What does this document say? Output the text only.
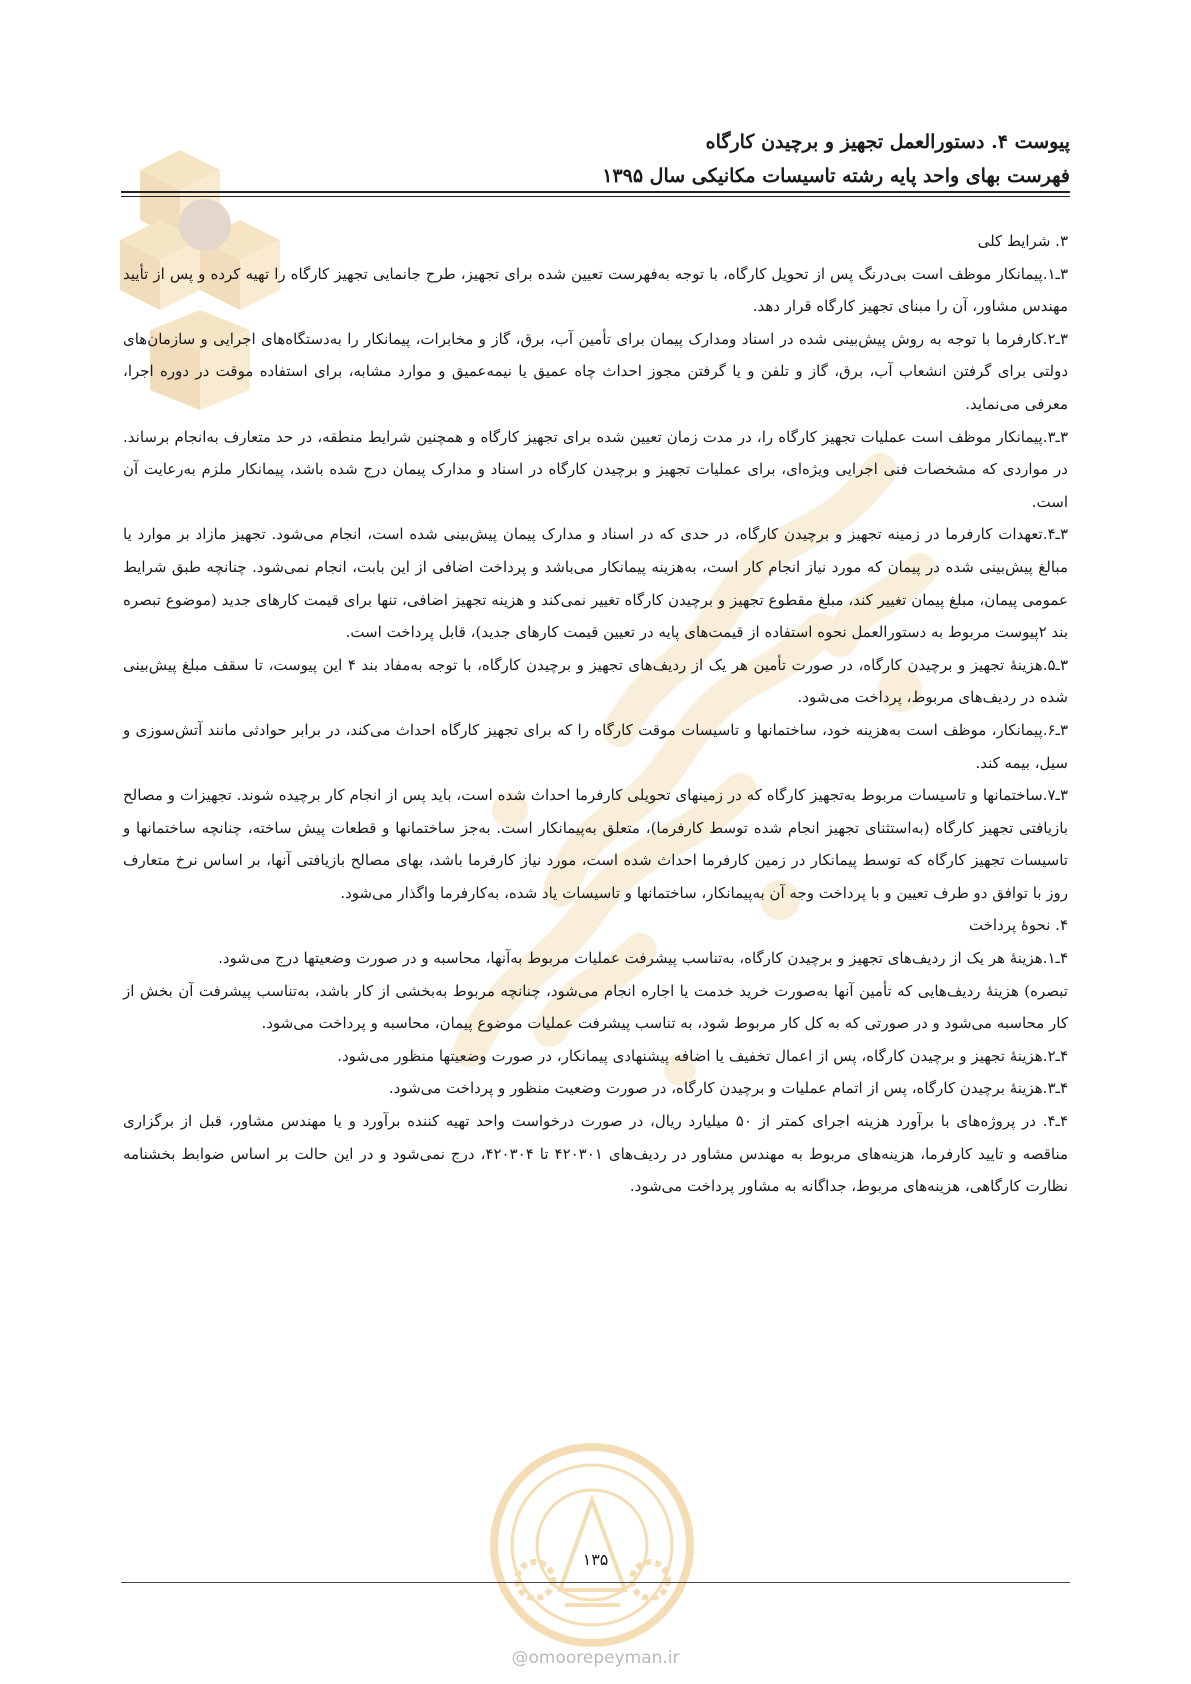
پیوست ۴. دستورالعمل تجهیز و برچیدن کارگاه

فهرست بهای واحد پایه رشته تاسیسات مکانیکی سال ۱۳۹۵

۳. شرایط کلی

۳ـ۱.پیمانکار موظف است بی‌درنگ پس از تحویل کارگاه، با توجه به‌فهرست تعیین شده برای تجهیز، طرح جانمایی تجهیز کارگاه را تهیه کرده و پس از تأیید مهندس مشاور، آن را مبنای تجهیز کارگاه قرار دهد.

۳ـ۲.کارفرما با توجه به روش پیش‌بینی شده در اسناد ومدارک پیمان برای تأمین آب، برق، گاز و مخابرات، پیمانکار را به‌دستگاه‌های اجرایی و سازمان‌های دولتی برای گرفتن انشعاب آب، برق، گاز و تلفن و یا گرفتن مجوز احداث چاه عمیق یا نیمه‌عمیق و موارد مشابه، برای استفاده موقت در دوره اجرا، معرفی می‌نماید.

۳ـ۳.پیمانکار موظف است عملیات تجهیز کارگاه را، در مدت زمان تعیین شده برای تجهیز کارگاه و همچنین شرایط منطقه، در حد متعارف به‌انجام برساند. در مواردی که مشخصات فنی اجرایی ویژه‌ای، برای عملیات تجهیز و برچیدن کارگاه در اسناد و مدارک پیمان درج شده باشد، پیمانکار ملزم به‌رعایت آن است.

۳ـ۴.تعهدات کارفرما در زمینه تجهیز و برچیدن کارگاه، در حدی که در اسناد و مدارک پیمان پیش‌بینی شده است، انجام می‌شود. تجهیز مازاد بر موارد یا مبالغ پیش‌بینی شده در پیمان که مورد نیاز انجام کار است، به‌هزینه پیمانکار می‌باشد و پرداخت اضافی از این بابت، انجام نمی‌شود. چنانچه طبق شرایط عمومی پیمان، مبلغ پیمان تغییر کند، مبلغ مقطوع تجهیز و برچیدن کارگاه تغییر نمی‌کند و هزینه تجهیز اضافی، تنها برای قیمت کارهای جدید (موضوع تبصره بند ۲پیوست مربوط به دستورالعمل نحوه استفاده از قیمت‌های پایه در تعیین قیمت کارهای جدید)، قابل پرداخت است.

۳ـ۵.هزینهٔ تجهیز و برچیدن کارگاه، در صورت تأمین هر یک از ردیف‌های تجهیز و برچیدن کارگاه، با توجه به‌مفاد بند ۴ این پیوست، تا سقف مبلغ پیش‌بینی شده در ردیف‌های مربوط، پرداخت می‌شود.

۳ـ۶.پیمانکار، موظف است به‌هزینه خود، ساختمانها و تاسیسات موقت کارگاه را که برای تجهیز کارگاه احداث می‌کند، در برابر حوادثی مانند آتش‌سوزی و سیل، بیمه کند.

۳ـ۷.ساختمانها و تاسیسات مربوط به‌تجهیز کارگاه که در زمینهای تحویلی کارفرما احداث شده است، باید پس از انجام کار برچیده شوند. تجهیزات و مصالح بازیافتی تجهیز کارگاه (به‌استثنای تجهیز انجام شده توسط کارفرما)، متعلق به‌پیمانکار است. به‌جز ساختمانها و قطعات پیش ساخته، چنانچه ساختمانها و تاسیسات تجهیز کارگاه که توسط پیمانکار در زمین کارفرما احداث شده است، مورد نیاز کارفرما باشد، بهای مصالح بازیافتی آنها، بر اساس نرخ متعارف روز با توافق دو طرف تعیین و با پرداخت وجه آن به‌پیمانکار، ساختمانها و تاسیسات یاد شده، به‌کارفرما واگذار می‌شود.

۴. نحوهٔ پرداخت

۴ـ۱.هزینهٔ هر یک از ردیف‌های تجهیز و برچیدن کارگاه، به‌تناسب پیشرفت عملیات مربوط به‌آنها، محاسبه و در صورت وضعیتها درج می‌شود.

تبصره) هزینهٔ ردیف‌هایی که تأمین آنها به‌صورت خرید خدمت یا اجاره انجام می‌شود، چنانچه مربوط به‌بخشی از کار باشد، به‌تناسب پیشرفت آن بخش از کار محاسبه می‌شود و در صورتی که به کل کار مربوط شود، به تناسب پیشرفت عملیات موضوع پیمان، محاسبه و پرداخت می‌شود.

۴ـ۲.هزینهٔ تجهیز و برچیدن کارگاه، پس از اعمال تخفیف یا اضافه پیشنهادی پیمانکار، در صورت وضعیتها منظور می‌شود.

۴ـ۳.هزینهٔ برچیدن کارگاه، پس از اتمام عملیات و برچیدن کارگاه، در صورت وضعیت منظور و پرداخت می‌شود.

۴ـ۴. در پروژه‌های با برآورد هزینه اجرای کمتر از ۵۰ میلیارد ریال، در صورت درخواست واحد تهیه کننده برآورد و یا مهندس مشاور، قبل از برگزاری مناقصه و تایید کارفرما، هزینه‌های مربوط به مهندس مشاور در ردیف‌های ۴۲۰۳۰۱ تا ۴۲۰۳۰۴، درج نمی‌شود و در این حالت بر اساس ضوابط بخشنامه نظارت کارگاهی، هزینه‌های مربوط، جداگانه به مشاور پرداخت می‌شود.

۱۳۵
@omoorepeyman.ir
